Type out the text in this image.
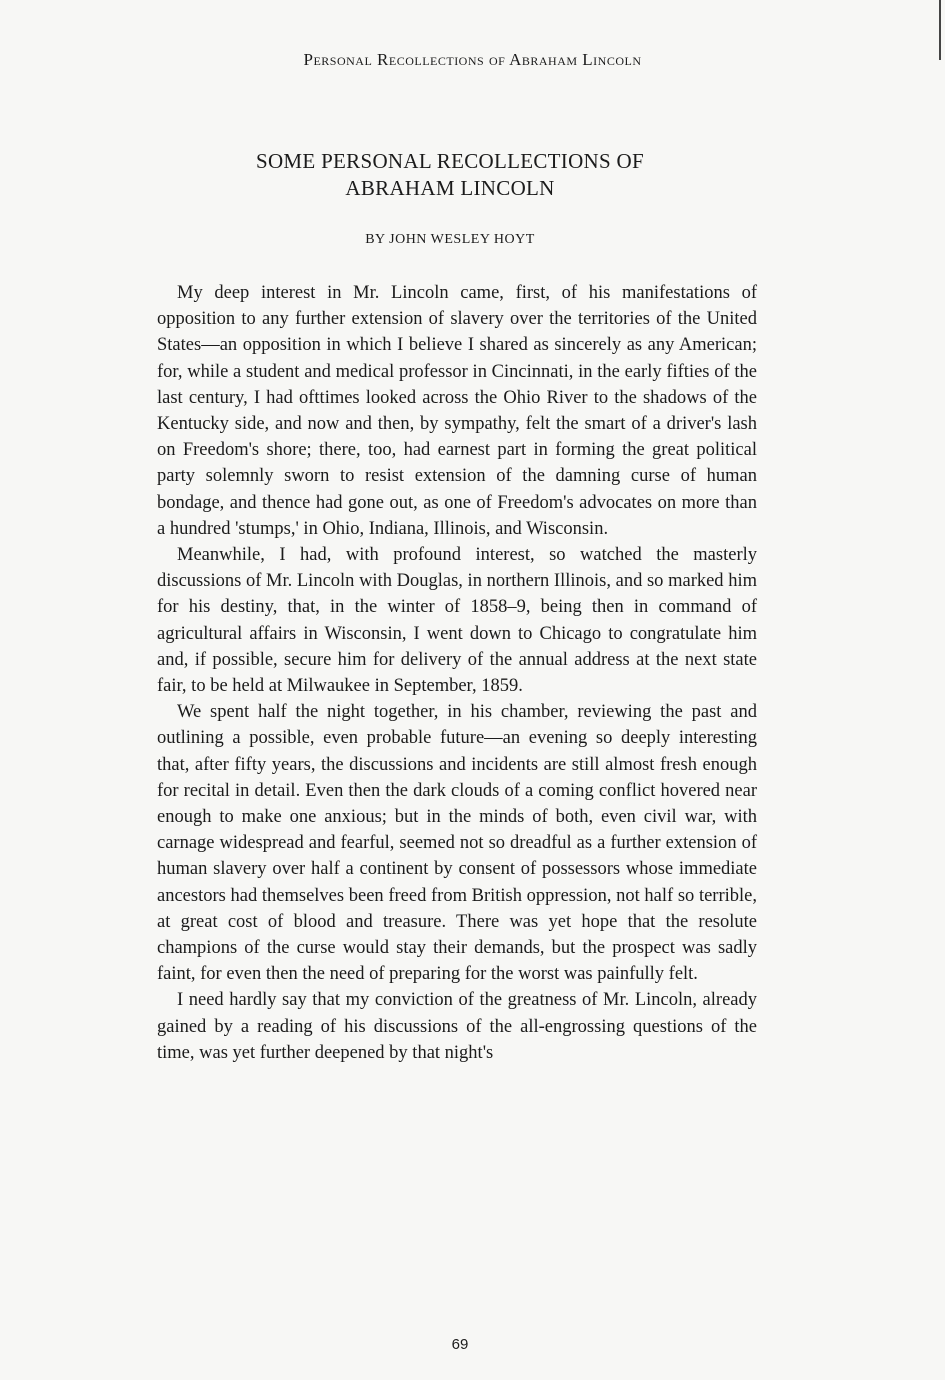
Personal Recollections of Abraham Lincoln
SOME PERSONAL RECOLLECTIONS OF
ABRAHAM LINCOLN
BY JOHN WESLEY HOYT

My deep interest in Mr. Lincoln came, first, of his manifestations of opposition to any further extension of slavery over the territories of the United States—an opposition in which I believe I shared as sincerely as any American; for, while a student and medical professor in Cincinnati, in the early fifties of the last century, I had ofttimes looked across the Ohio River to the shadows of the Kentucky side, and now and then, by sympathy, felt the smart of a driver's lash on Freedom's shore; there, too, had earnest part in forming the great political party solemnly sworn to resist extension of the damning curse of human bondage, and thence had gone out, as one of Freedom's advocates on more than a hundred 'stumps,' in Ohio, Indiana, Illinois, and Wisconsin.

Meanwhile, I had, with profound interest, so watched the masterly discussions of Mr. Lincoln with Douglas, in northern Illinois, and so marked him for his destiny, that, in the winter of 1858–9, being then in command of agricultural affairs in Wisconsin, I went down to Chicago to congratulate him and, if possible, secure him for delivery of the annual address at the next state fair, to be held at Milwaukee in September, 1859.

We spent half the night together, in his chamber, reviewing the past and outlining a possible, even probable future—an evening so deeply interesting that, after fifty years, the discussions and incidents are still almost fresh enough for recital in detail. Even then the dark clouds of a coming conflict hovered near enough to make one anxious; but in the minds of both, even civil war, with carnage widespread and fearful, seemed not so dreadful as a further extension of human slavery over half a continent by consent of possessors whose immediate ancestors had themselves been freed from British oppression, not half so terrible, at great cost of blood and treasure. There was yet hope that the resolute champions of the curse would stay their demands, but the prospect was sadly faint, for even then the need of preparing for the worst was painfully felt.

I need hardly say that my conviction of the greatness of Mr. Lincoln, already gained by a reading of his discussions of the all-engrossing questions of the time, was yet further deepened by that night's

69
